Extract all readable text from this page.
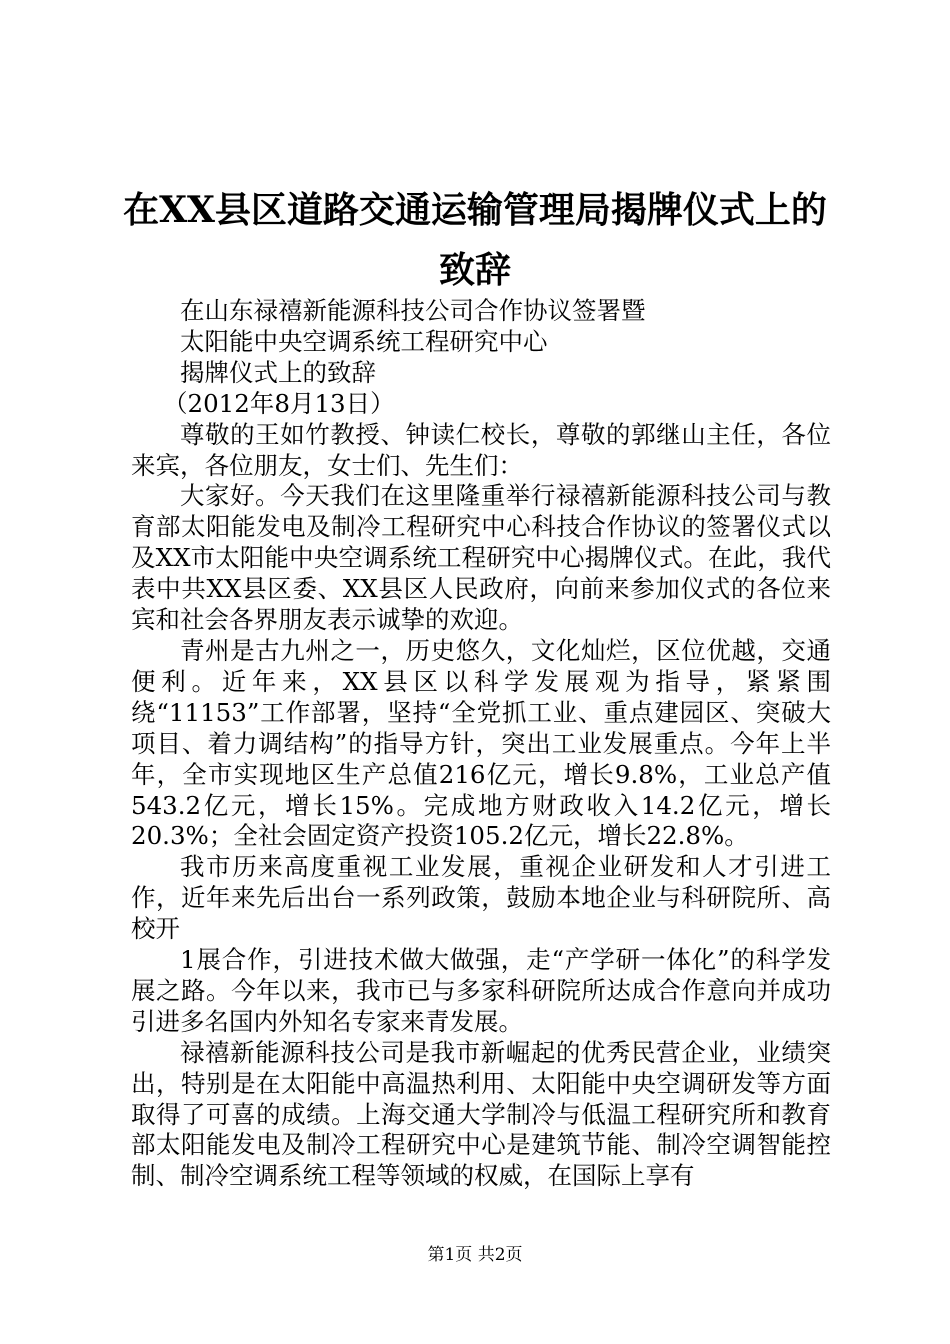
在XX县区道路交通运输管理局揭牌仪式上的
致辞

在山东禄禧新能源科技公司合作协议签署暨

太阳能中央空调系统工程研究中心

揭牌仪式上的致辞

（2012年8月13日）

尊敬的王如竹教授、钟读仁校长，尊敬的郭继山主任，各位来宾，各位朋友，女士们、先生们：

大家好。今天我们在这里隆重举行禄禧新能源科技公司与教育部太阳能发电及制冷工程研究中心科技合作协议的签署仪式以及XX市太阳能中央空调系统工程研究中心揭牌仪式。在此，我代表中共XX县区委、XX县区人民政府，向前来参加仪式的各位来宾和社会各界朋友表示诚挚的欢迎。

青州是古九州之一，历史悠久，文化灿烂，区位优越，交通便利。近年来，XX县区以科学发展观为指导，紧紧围绕“11153”工作部署，坚持“全党抓工业、重点建园区、突破大项目、着力调结构”的指导方针，突出工业发展重点。今年上半年，全市实现地区生产总值216亿元，增长9.8%，工业总产值543.2亿元，增长15%。完成地方财政收入14.2亿元，增长20.3%；全社会固定资产投资105.2亿元，增长22.8%。

我市历来高度重视工业发展，重视企业研发和人才引进工作，近年来先后出台一系列政策，鼓励本地企业与科研院所、高校开

1展合作，引进技术做大做强，走“产学研一体化”的科学发展之路。今年以来，我市已与多家科研院所达成合作意向并成功引进多名国内外知名专家来青发展。

禄禧新能源科技公司是我市新崛起的优秀民营企业，业绩突出，特别是在太阳能中高温热利用、太阳能中央空调研发等方面取得了可喜的成绩。上海交通大学制冷与低温工程研究所和教育部太阳能发电及制冷工程研究中心是建筑节能、制冷空调智能控制、制冷空调系统工程等领域的权威，在国际上享有

第1页 共2页
